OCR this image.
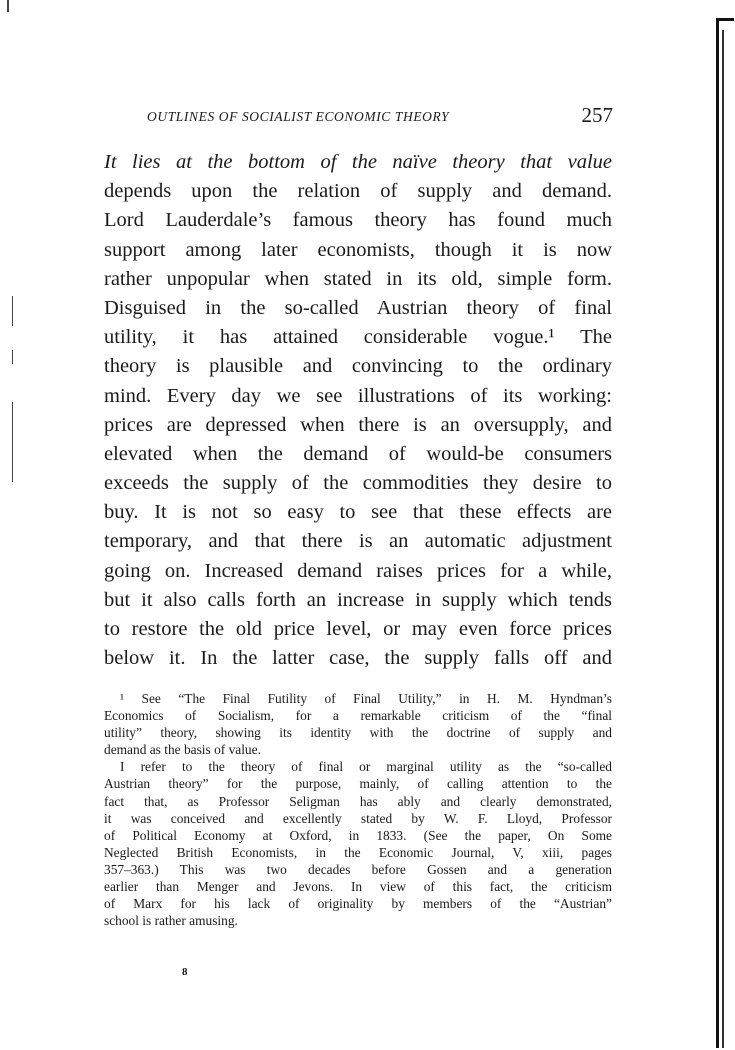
OUTLINES OF SOCIALIST ECONOMIC THEORY	257
It lies at the bottom of the naïve theory that value
depends upon the relation of supply and demand.
Lord Lauderdale’s famous theory has found much
support among later economists, though it is now
rather unpopular when stated in its old, simple form.
Disguised in the so-called Austrian theory of final
utility, it has attained considerable vogue.¹ The
theory is plausible and convincing to the ordinary
mind. Every day we see illustrations of its working:
prices are depressed when there is an oversupply, and
elevated when the demand of would-be consumers
exceeds the supply of the commodities they desire to
buy. It is not so easy to see that these effects are
temporary, and that there is an automatic adjustment
going on. Increased demand raises prices for a while,
but it also calls forth an increase in supply which tends
to restore the old price level, or may even force prices
below it. In the latter case, the supply falls off and
¹ See “The Final Futility of Final Utility,” in H. M. Hyndman’s
Economics of Socialism, for a remarkable criticism of the “final
utility” theory, showing its identity with the doctrine of supply and
demand as the basis of value.
I refer to the theory of final or marginal utility as the “so-called
Austrian theory” for the purpose, mainly, of calling attention to the
fact that, as Professor Seligman has ably and clearly demonstrated,
it was conceived and excellently stated by W. F. Lloyd, Professor
of Political Economy at Oxford, in 1833. (See the paper, On Some
Neglected British Economists, in the Economic Journal, V, xiii, pages
357–363.) This was two decades before Gossen and a generation
earlier than Menger and Jevons. In view of this fact, the criticism
of Marx for his lack of originality by members of the “Austrian”
school is rather amusing.
8
